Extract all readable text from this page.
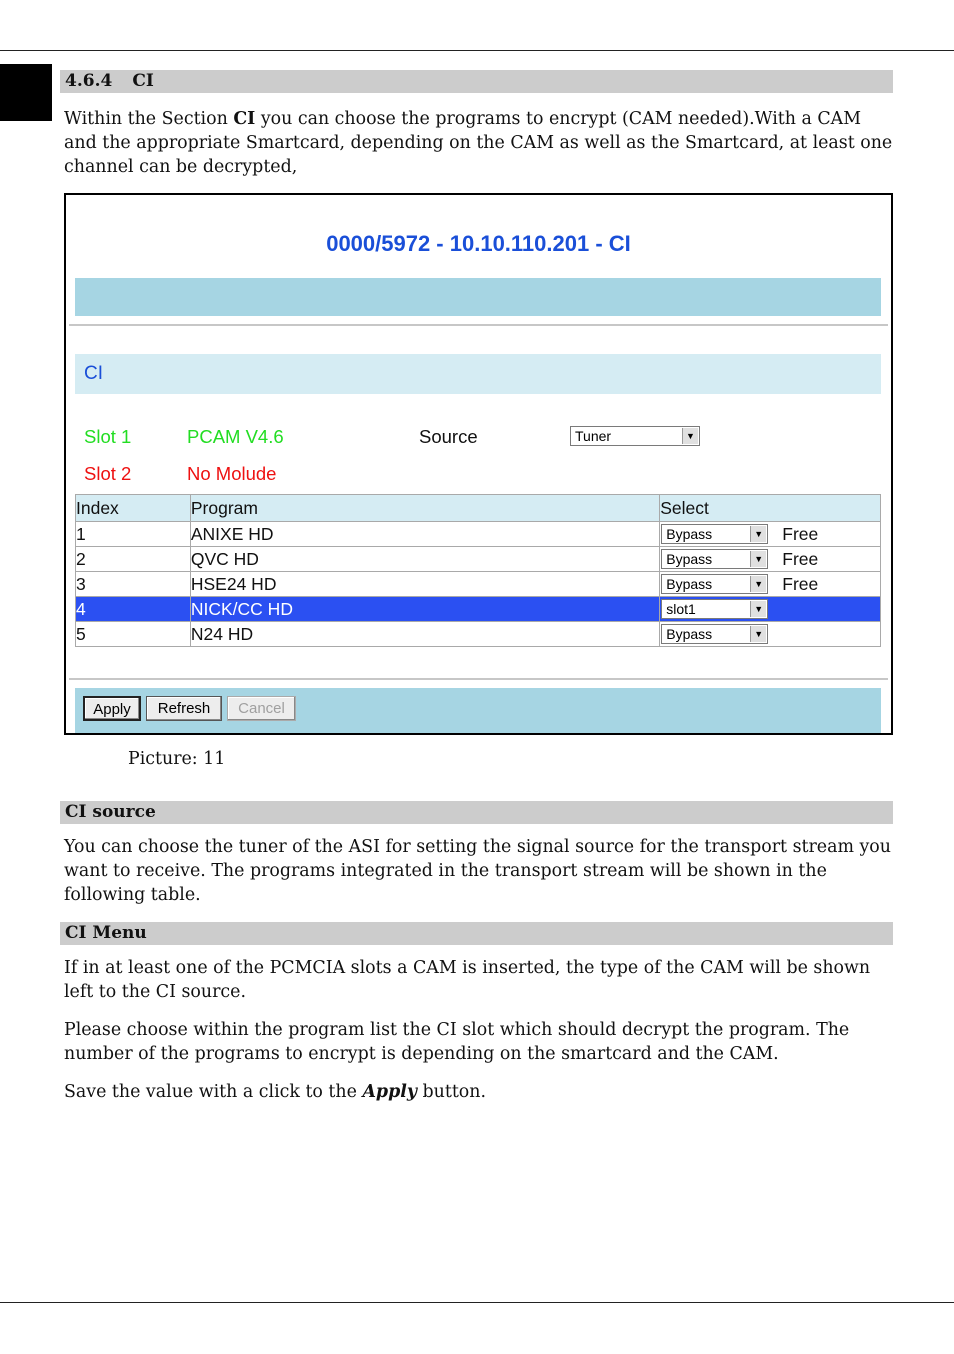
4.6.4 CI
Within the Section CI you can choose the programs to encrypt (CAM needed).With a CAM and the appropriate Smartcard, depending on the CAM as well as the Smartcard, at least one channel can be decrypted,
0000/5972 - 10.10.110.201 - CI
CI
Slot 1	PCAM V4.6
Slot 2	No Molude
Source	Tuner	▼
Index	Program	Select
1	ANIXE HD	Bypass ▼ Free

2	QVC HD	Bypass ▼ Free

3	HSE24 HD	Bypass ▼ Free

4	NICK/CC HD	slot1 ▼

5	N24 HD	Bypass ▼
Apply	Refresh	Cancel
Picture: 11
CI source
You can choose the tuner of the ASI for setting the signal source for the transport stream you want to receive. The programs integrated in the transport stream will be shown in the following table.
CI Menu
If in at least one of the PCMCIA slots a CAM is inserted, the type of the CAM will be shown left to the CI source.
Please choose within the program list the CI slot which should decrypt the program. The number of the programs to encrypt is depending on the smartcard and the CAM.
Save the value with a click to the Apply button.
